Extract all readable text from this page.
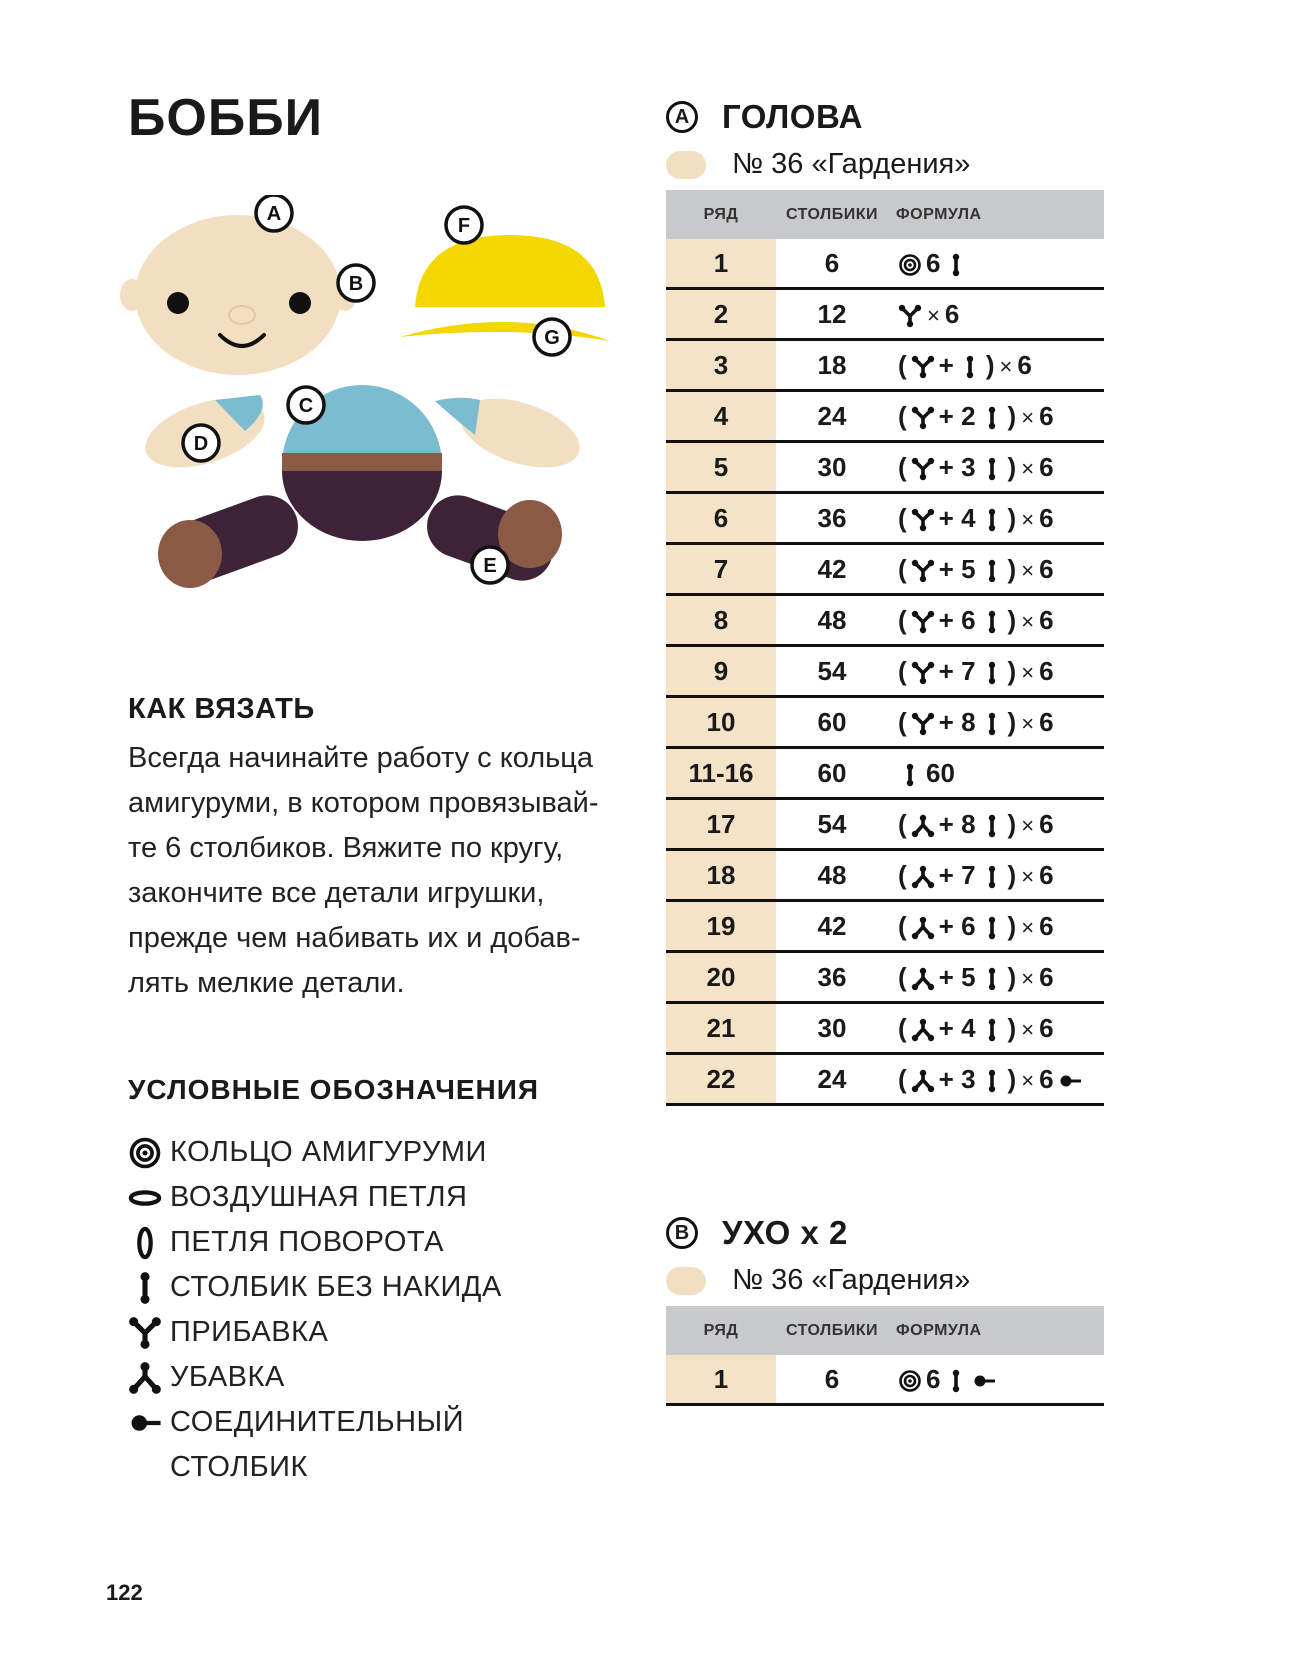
БОББИ
A
B
C
D
E
F
G
КАК ВЯЗАТЬ
Всегда начинайте работу с кольца
амигуруми, в котором провязывай-
те 6 столбиков. Вяжите по кругу,
закончите все детали игрушки,
прежде чем набивать их и добав-
лять мелкие детали.
УСЛОВНЫЕ ОБОЗНАЧЕНИЯ
КОЛЬЦО АМИГУРУМИ
ВОЗДУШНАЯ ПЕТЛЯ
ПЕТЛЯ ПОВОРОТА
СТОЛБИК БЕЗ НАКИДА
ПРИБАВКА
УБАВКА
СОЕДИНИТЕЛЬНЫЙ
СТОЛБИК
A ГОЛОВА
№ 36 «Гардения»
РЯД	СТОЛБИКИ	ФОРМУЛА
1	6	6
2	12	× 6
3	18	( + ) × 6
4	24	( + 2 ) × 6
5	30	( + 3 ) × 6
6	36	( + 4 ) × 6
7	42	( + 5 ) × 6
8	48	( + 6 ) × 6
9	54	( + 7 ) × 6
10	60	( + 8 ) × 6
11-16	60	60
17	54	( + 8 ) × 6
18	48	( + 7 ) × 6
19	42	( + 6 ) × 6
20	36	( + 5 ) × 6
21	30	( + 4 ) × 6
22	24	( + 3 ) × 6
B УХО x 2
№ 36 «Гардения»
РЯД	СТОЛБИКИ	ФОРМУЛА
1	6	6
122
